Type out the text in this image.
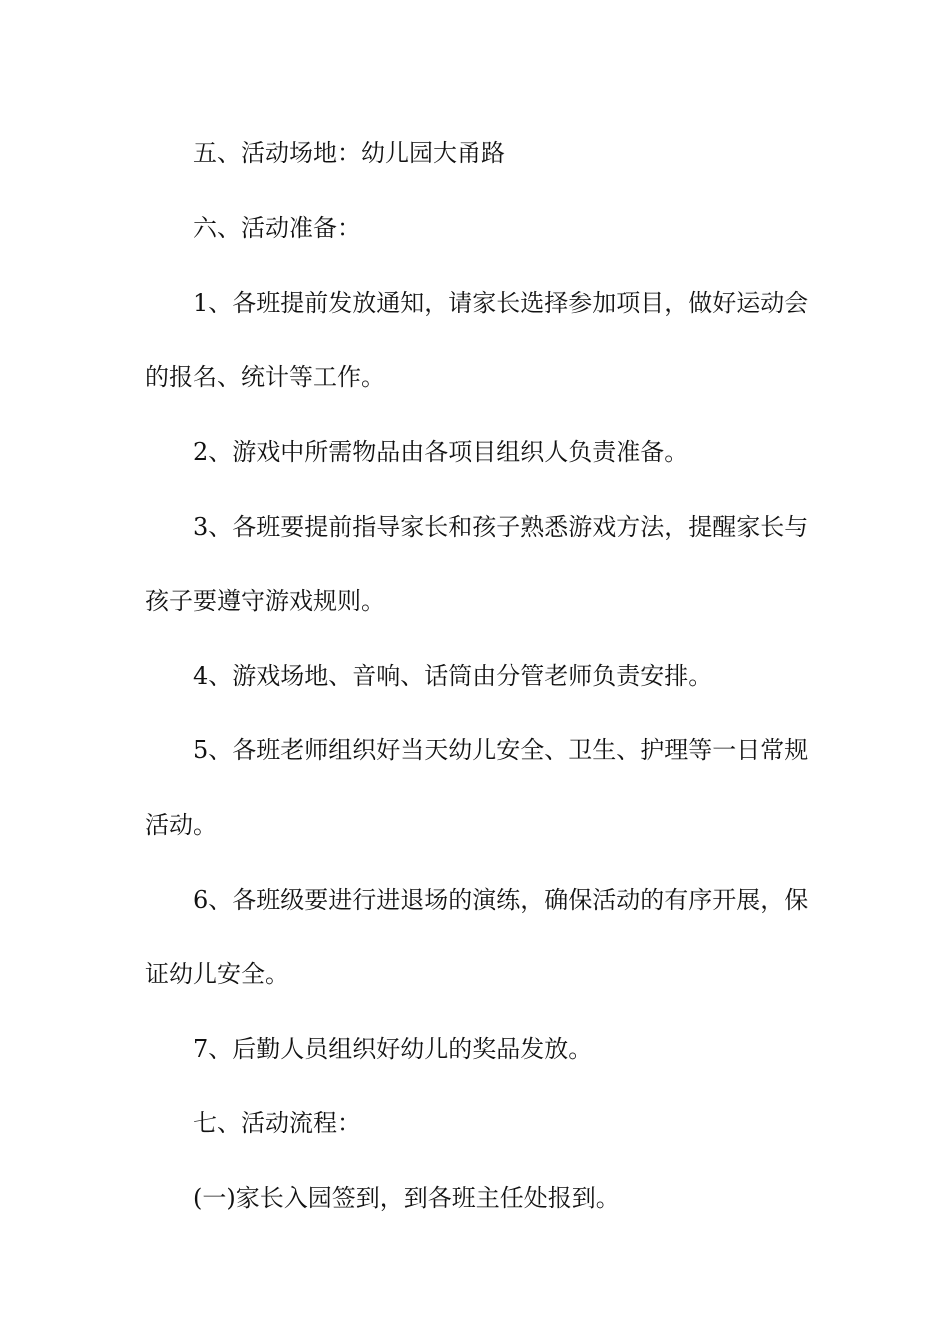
五、活动场地：幼儿园大甬路

六、活动准备：

1、各班提前发放通知，请家长选择参加项目，做好运动会

的报名、统计等工作。

2、游戏中所需物品由各项目组织人负责准备。

3、各班要提前指导家长和孩子熟悉游戏方法，提醒家长与

孩子要遵守游戏规则。

4、游戏场地、音响、话筒由分管老师负责安排。

5、各班老师组织好当天幼儿安全、卫生、护理等一日常规

活动。

6、各班级要进行进退场的演练，确保活动的有序开展，保

证幼儿安全。

7、后勤人员组织好幼儿的奖品发放。

七、活动流程：

(一)家长入园签到，到各班主任处报到。
